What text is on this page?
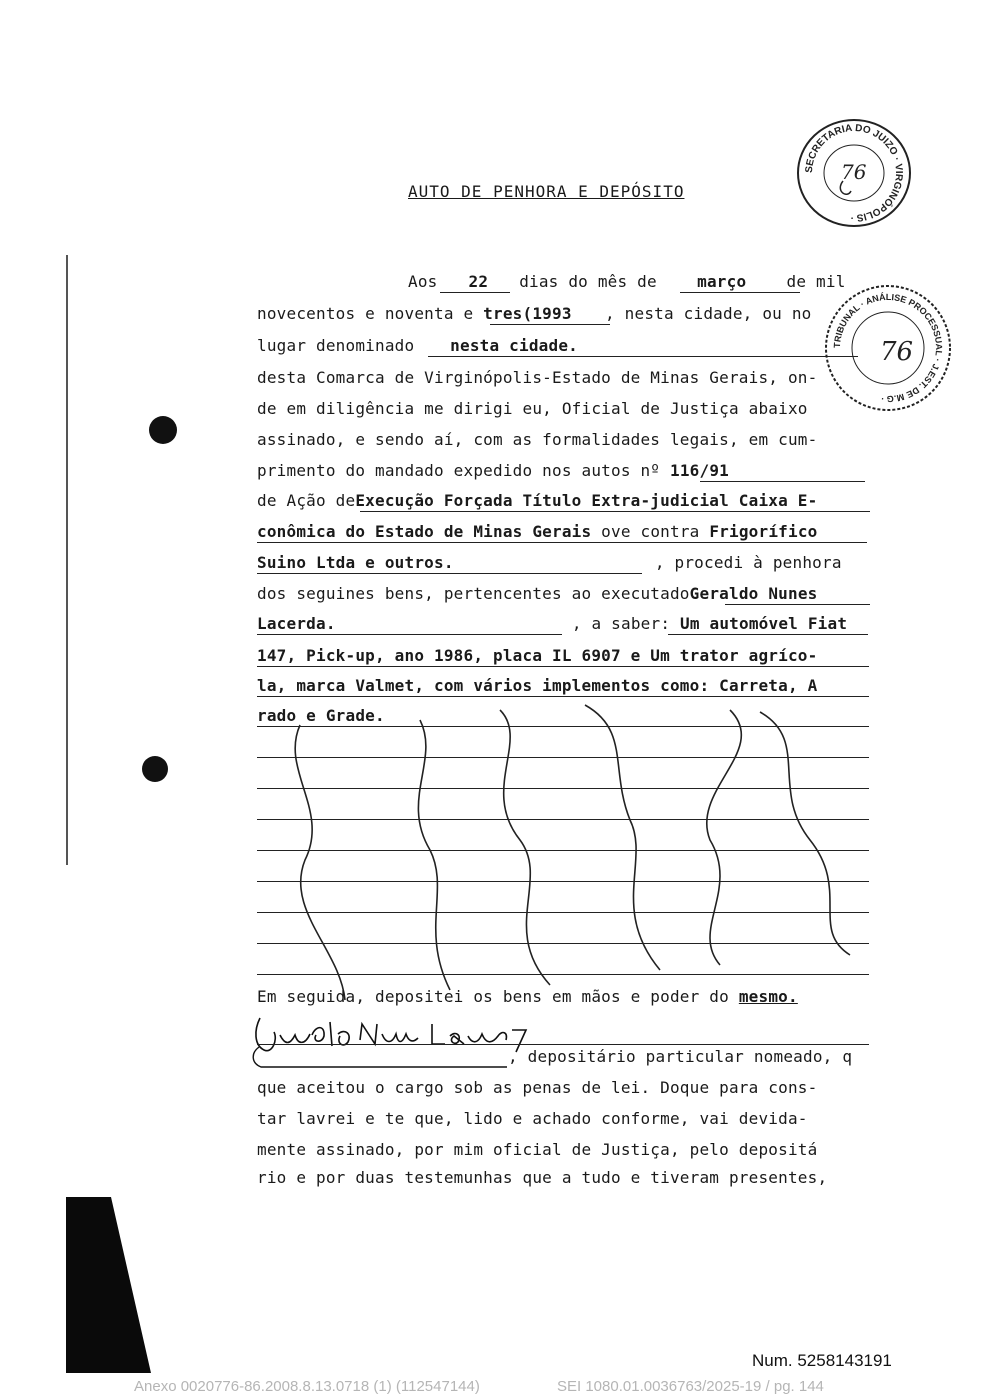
AUTO DE PENHORA E DEPÓSITO
Aos 22 dias do mês de	março	de mil
novecentos e noventa e tres(1993 , nesta cidade, ou no
lugar denominado nesta cidade.
desta Comarca de Virginópolis-Estado de Minas Gerais, on-
de em diligência me dirigi eu, Oficial de Justiça abaixo
assinado, e sendo aí, com as formalidades legais, em cum-
primento do mandado expedido nos autos nº 116/91
de Ação deExecução Forçada Título Extra-judicial Caixa E-
conômica do Estado de Minas Gerais ove contra Frigorífico
Suino Ltda e outros.	, procedi à penhora
dos seguines bens, pertencentes ao executadoGeraldo Nunes
Lacerda.	, a saber: Um automóvel Fiat
147, Pick-up, ano 1986, placa IL 6907 e Um trator agríco-
la, marca Valmet, com vários implementos como: Carreta, A
rado e Grade.
Em seguida, depositei os bens em mãos e poder do mesmo.
, depositário particular nomeado, q
que aceitou o cargo sob as penas de lei. Doque para cons-
tar lavrei e te que, lido e achado conforme, vai devida-
mente assinado, por mim oficial de Justiça, pelo depositá
rio e por duas testemunhas que a tudo e tiveram presentes,
SECRETARIA DO JUIZO · VIRGINÓPOLIS ·
76
TRIBUNAL · ANÁLISE PROCESSUAL · J.EST. DE M.G ·
76
Num. 5258143191
Anexo 0020776-86.2008.8.13.0718 (1) (112547144)	SEI 1080.01.0036763/2025-19 / pg. 144
